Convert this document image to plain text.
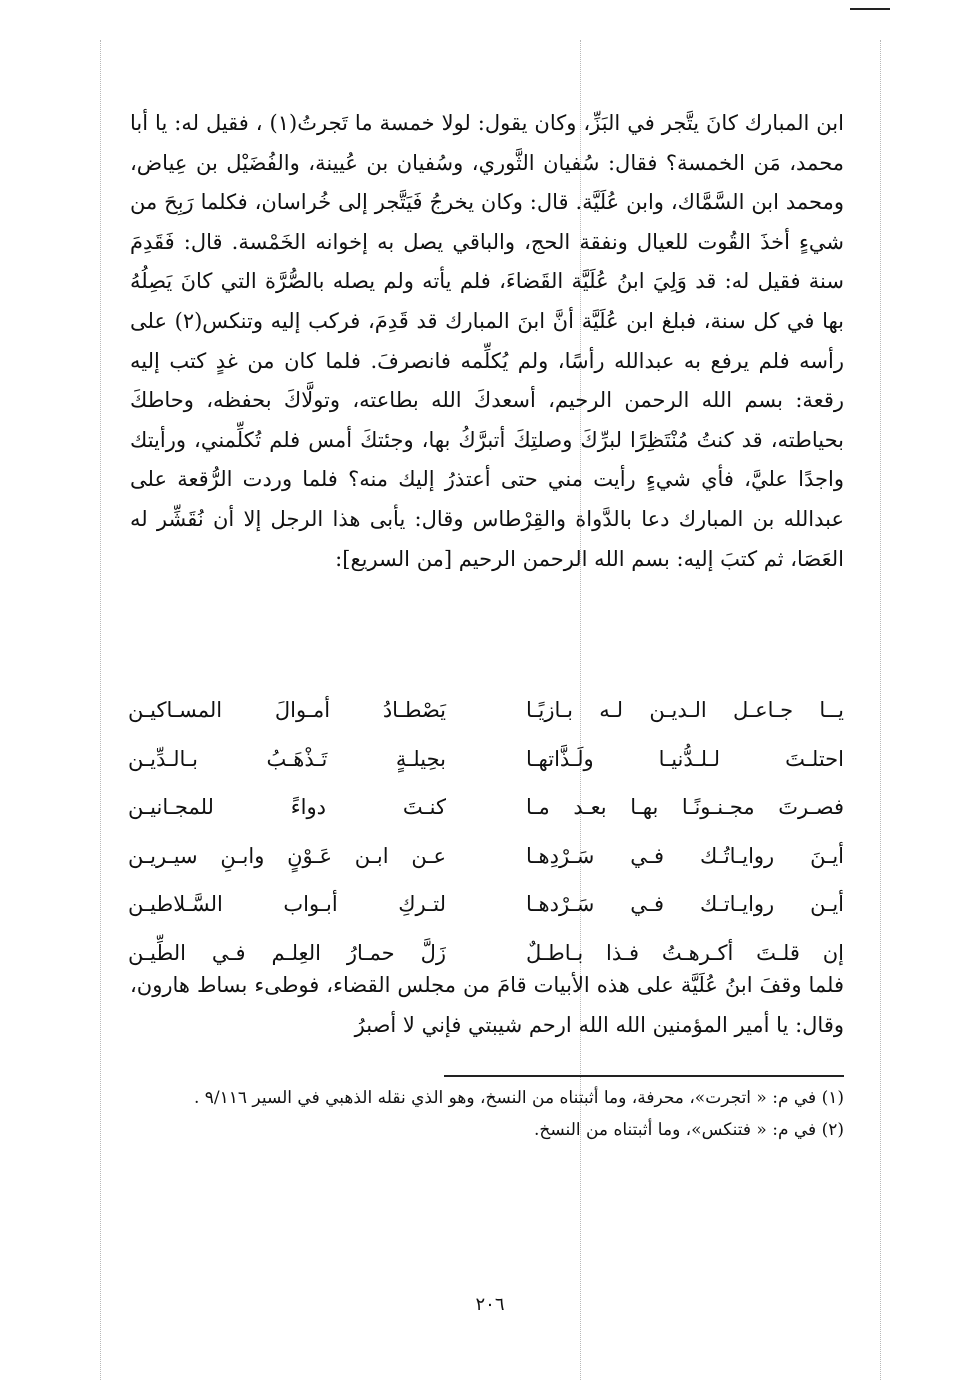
ابن المبارك كانَ يتَّجر في البَزِّ، وكان يقول: لولا خمسة ما تَجرتُ(١) ، فقيل له: يا أبا محمد، مَن الخمسة؟ فقال: سُفيان الثَّوري، وسُفيان بن عُيينة، والفُضَيْل بن عِياض، ومحمد ابن السَّمَّاك، وابن عُلَيَّة. قال: وكان يخرجُ فَيَتَّجر إلى خُراسان، فكلما رَبِحَ من شيءٍ أخذَ القُوت للعيال ونفقة الحج، والباقي يصل به إخوانه الخَمْسة. قال: فَقَدِمَ سنة فقيل له: قد وَلِيَ ابنُ عُلَيَّة القَضاءَ، فلم يأته ولم يصله بالصُّرَّة التي كانَ يَصِلُهُ بها في كل سنة، فبلغ ابن عُلَيَّة أنَّ ابنَ المبارك قد قَدِمَ، فركب إليه وتنكس(٢) على رأسه فلم يرفع به عبدالله رأسًا، ولم يُكلِّمه فانصرفَ. فلما كان من غدٍ كتب إليه رقعة: بسم الله الرحمن الرحيم، أسعدكَ الله بطاعته، وتولَّاكَ بحفظه، وحاطكَ بحياطته، قد كنتُ مُنْتَظِرًا لبرِّكَ وصلتِكَ أتبرَّكُ بها، وجئتكَ أمس فلم تُكلِّمني، ورأيتك واجدًا عليَّ، فأي شيءٍ رأيت مني حتى أعتذرُ إليك منه؟ فلما وردت الرُّقعة على عبدالله بن المبارك دعا بالدَّواة والقِرْطاس وقال: يأبى هذا الرجل إلا أن نُقَشِّر له العَصَا، ثم كتبَ إليه: بسم الله الرحمن الرحيم [من السريع]:

يــا جـاعـل الـديـن لـه بـازيًـا
يَصْطـادُ أمـوالَ المسـاكيـن
احتلـتَ لـلـدُّنيـا ولَـذَّاتهـا
بحِيلـةٍ تَـذْهَـبُ بـالـدِّيـن
فصـرتَ مجـنـونًـا بهـا بعـد مـا
كنـتَ دواءً للمجـانيـن
أيـنَ روايـاتُـك فـي سَـرْدِهـا
عـن ابـن عَـوْنٍ وابـنِ سيـريـن
أيـن روايـاتـك فـي سَـرْدهـا
لتـركِ أبـواب السَّـلاطيـن
إن قلـتَ أكـرهـتُ فـذا بـاطـلٌ
زَلَّ حمـارُ العِلـم فـي الطِّيـن

فلما وقفَ ابنُ عُلَيَّة على هذه الأبيات قامَ من مجلس القضاء، فوطىء بساط هارون، وقال: يا أمير المؤمنين الله الله ارحم شيبتي فإني لا أصبرُ

(١) في م: « اتجرت»، محرفة، وما أثبتناه من النسخ، وهو الذي نقله الذهبي في السير ٩/١١٦ .

(٢) في م: « فتنكس»، وما أثبتناه من النسخ.

٢٠٦
